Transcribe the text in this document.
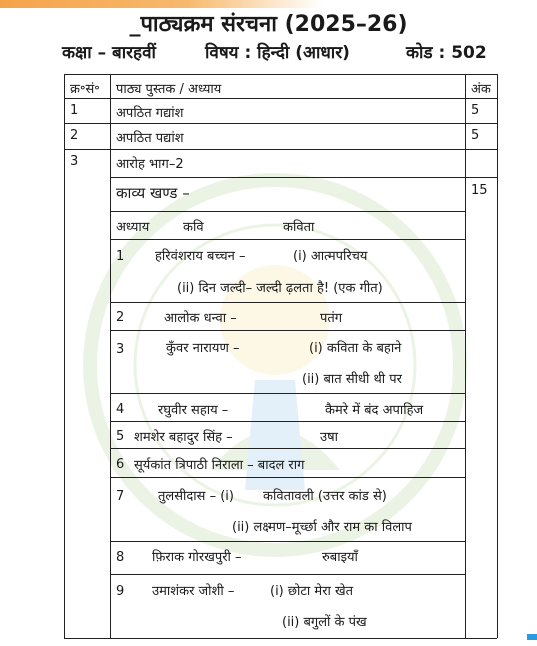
_पाठ्यक्रम संरचना (2025–26)
कक्षा – बारहवीं	विषय : हिन्दी (आधार)	कोड : 502
क्र॰सं॰ पाठ्य पुस्तक / अध्याय	अंक
1	अपठित गद्यांश	5
2	अपठित पद्यांश	5
3	आरोह भाग–2
काव्य खण्ड –	15
अध्याय	कवि	कविता
1 हरिवंशराय बच्चन –	(i) आत्मपरिचय
(ii) दिन जल्दी– जल्दी ढ़लता है! (एक गीत)
2	आलोक धन्वा –	पतंग
3	कुँवर नारायण –	(i) कविता के बहाने
(ii) बात सीधी थी पर
4	रघुवीर सहाय –	कैमरे में बंद अपाहिज
5 शमशेर बहादुर सिंह –	उषा
6 सूर्यकांत त्रिपाठी निराला – बादल राग
7	तुलसीदास – (i) कवितावली (उत्तर कांड से)
(ii) लक्ष्मण–मूर्च्छा और राम का विलाप
8 फ़िराक गोरखपुरी –	रुबाइयाँ
9 उमाशंकर जोशी –	(i) छोटा मेरा खेत
(ii) बगुलों के पंख
